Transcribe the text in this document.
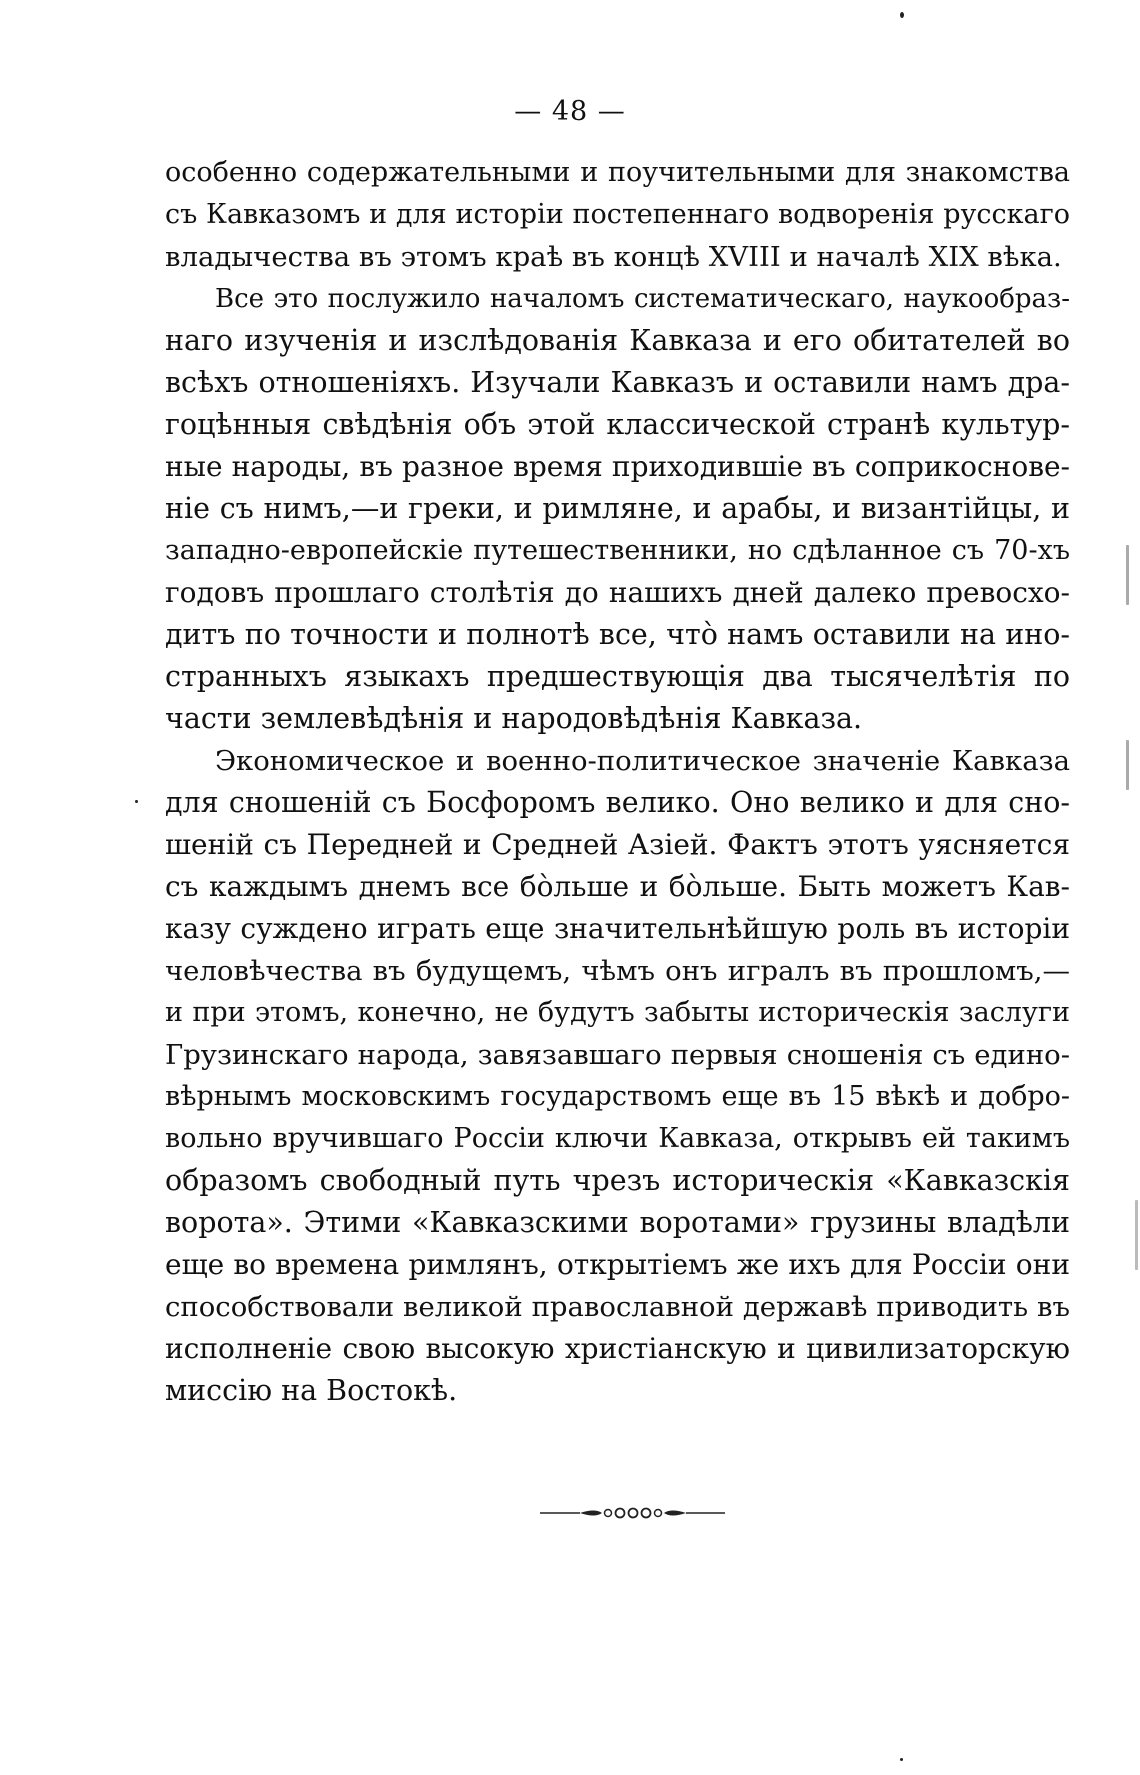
— 48 —
особенно содержательными и поучительными для знакомства
съ Кавказомъ и для исторіи постепеннаго водворенія русскаго
владычества въ этомъ краѣ въ концѣ XVIII и началѣ XIX вѣка.
Все это послужило началомъ систематическаго, наукообраз-
наго изученія и изслѣдованія Кавказа и его обитателей во
всѣхъ отношеніяхъ. Изучали Кавказъ и оставили намъ дра-
гоцѣнныя свѣдѣнія объ этой классической странѣ культур-
ные народы, въ разное время приходившіе въ соприкоснове-
ніе съ нимъ,—и греки, и римляне, и арабы, и византійцы, и
западно-европейскіе путешественники, но сдѣланное съ 70-хъ
годовъ прошлаго столѣтія до нашихъ дней далеко превосхо-
дитъ по точности и полнотѣ все, что̀ намъ оставили на ино-
странныхъ языкахъ предшествующія два тысячелѣтія по
части землевѣдѣнія и народовѣдѣнія Кавказа.
Экономическое и военно-политическое значеніе Кавказа
для сношеній съ Босфоромъ велико. Оно велико и для сно-
шеній съ Передней и Средней Азіей. Фактъ этотъ уясняется
съ каждымъ днемъ все бо̀льше и бо̀льше. Быть можетъ Кав-
казу суждено играть еще значительнѣйшую роль въ исторіи
человѣчества въ будущемъ, чѣмъ онъ игралъ въ прошломъ,—
и при этомъ, конечно, не будутъ забыты историческія заслуги
Грузинскаго народа, завязавшаго первыя сношенія съ едино-
вѣрнымъ московскимъ государствомъ еще въ 15 вѣкѣ и добро-
вольно вручившаго Россіи ключи Кавказа, открывъ ей такимъ
образомъ свободный путь чрезъ историческія «Кавказскія
ворота». Этими «Кавказскими воротами» грузины владѣли
еще во времена римлянъ, открытіемъ же ихъ для Россіи они
способствовали великой православной державѣ приводить въ
исполненіе свою высокую христіанскую и цивилизаторскую
миссію на Востокѣ.
